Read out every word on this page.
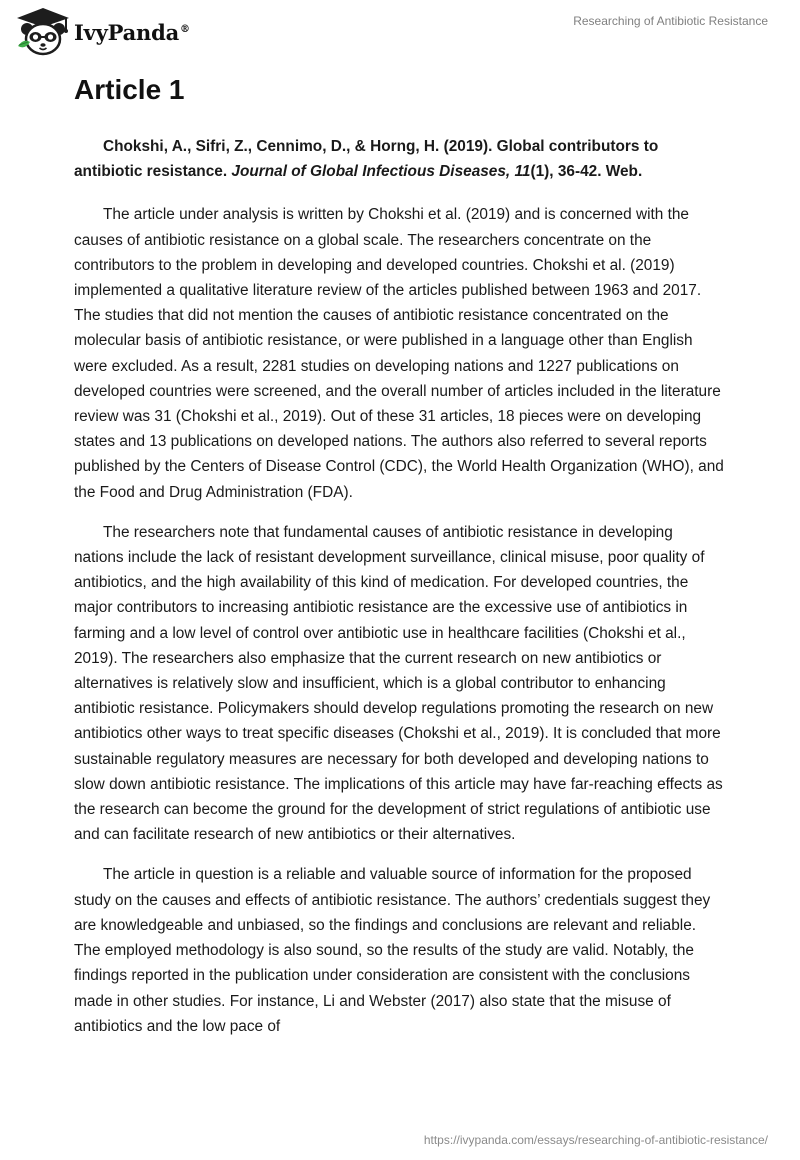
IvyPanda®
Researching of Antibiotic Resistance
Article 1

Chokshi, A., Sifri, Z., Cennimo, D., & Horng, H. (2019). Global contributors to antibiotic resistance. Journal of Global Infectious Diseases, 11(1), 36-42. Web.

The article under analysis is written by Chokshi et al. (2019) and is concerned with the causes of antibiotic resistance on a global scale. The researchers concentrate on the contributors to the problem in developing and developed countries. Chokshi et al. (2019) implemented a qualitative literature review of the articles published between 1963 and 2017. The studies that did not mention the causes of antibiotic resistance concentrated on the molecular basis of antibiotic resistance, or were published in a language other than English were excluded. As a result, 2281 studies on developing nations and 1227 publications on developed countries were screened, and the overall number of articles included in the literature review was 31 (Chokshi et al., 2019). Out of these 31 articles, 18 pieces were on developing states and 13 publications on developed nations. The authors also referred to several reports published by the Centers of Disease Control (CDC), the World Health Organization (WHO), and the Food and Drug Administration (FDA).

The researchers note that fundamental causes of antibiotic resistance in developing nations include the lack of resistant development surveillance, clinical misuse, poor quality of antibiotics, and the high availability of this kind of medication. For developed countries, the major contributors to increasing antibiotic resistance are the excessive use of antibiotics in farming and a low level of control over antibiotic use in healthcare facilities (Chokshi et al., 2019). The researchers also emphasize that the current research on new antibiotics or alternatives is relatively slow and insufficient, which is a global contributor to enhancing antibiotic resistance. Policymakers should develop regulations promoting the research on new antibiotics other ways to treat specific diseases (Chokshi et al., 2019). It is concluded that more sustainable regulatory measures are necessary for both developed and developing nations to slow down antibiotic resistance. The implications of this article may have far-reaching effects as the research can become the ground for the development of strict regulations of antibiotic use and can facilitate research of new antibiotics or their alternatives.

The article in question is a reliable and valuable source of information for the proposed study on the causes and effects of antibiotic resistance. The authors’ credentials suggest they are knowledgeable and unbiased, so the findings and conclusions are relevant and reliable. The employed methodology is also sound, so the results of the study are valid. Notably, the findings reported in the publication under consideration are consistent with the conclusions made in other studies. For instance, Li and Webster (2017) also state that the misuse of antibiotics and the low pace of

https://ivypanda.com/essays/researching-of-antibiotic-resistance/
